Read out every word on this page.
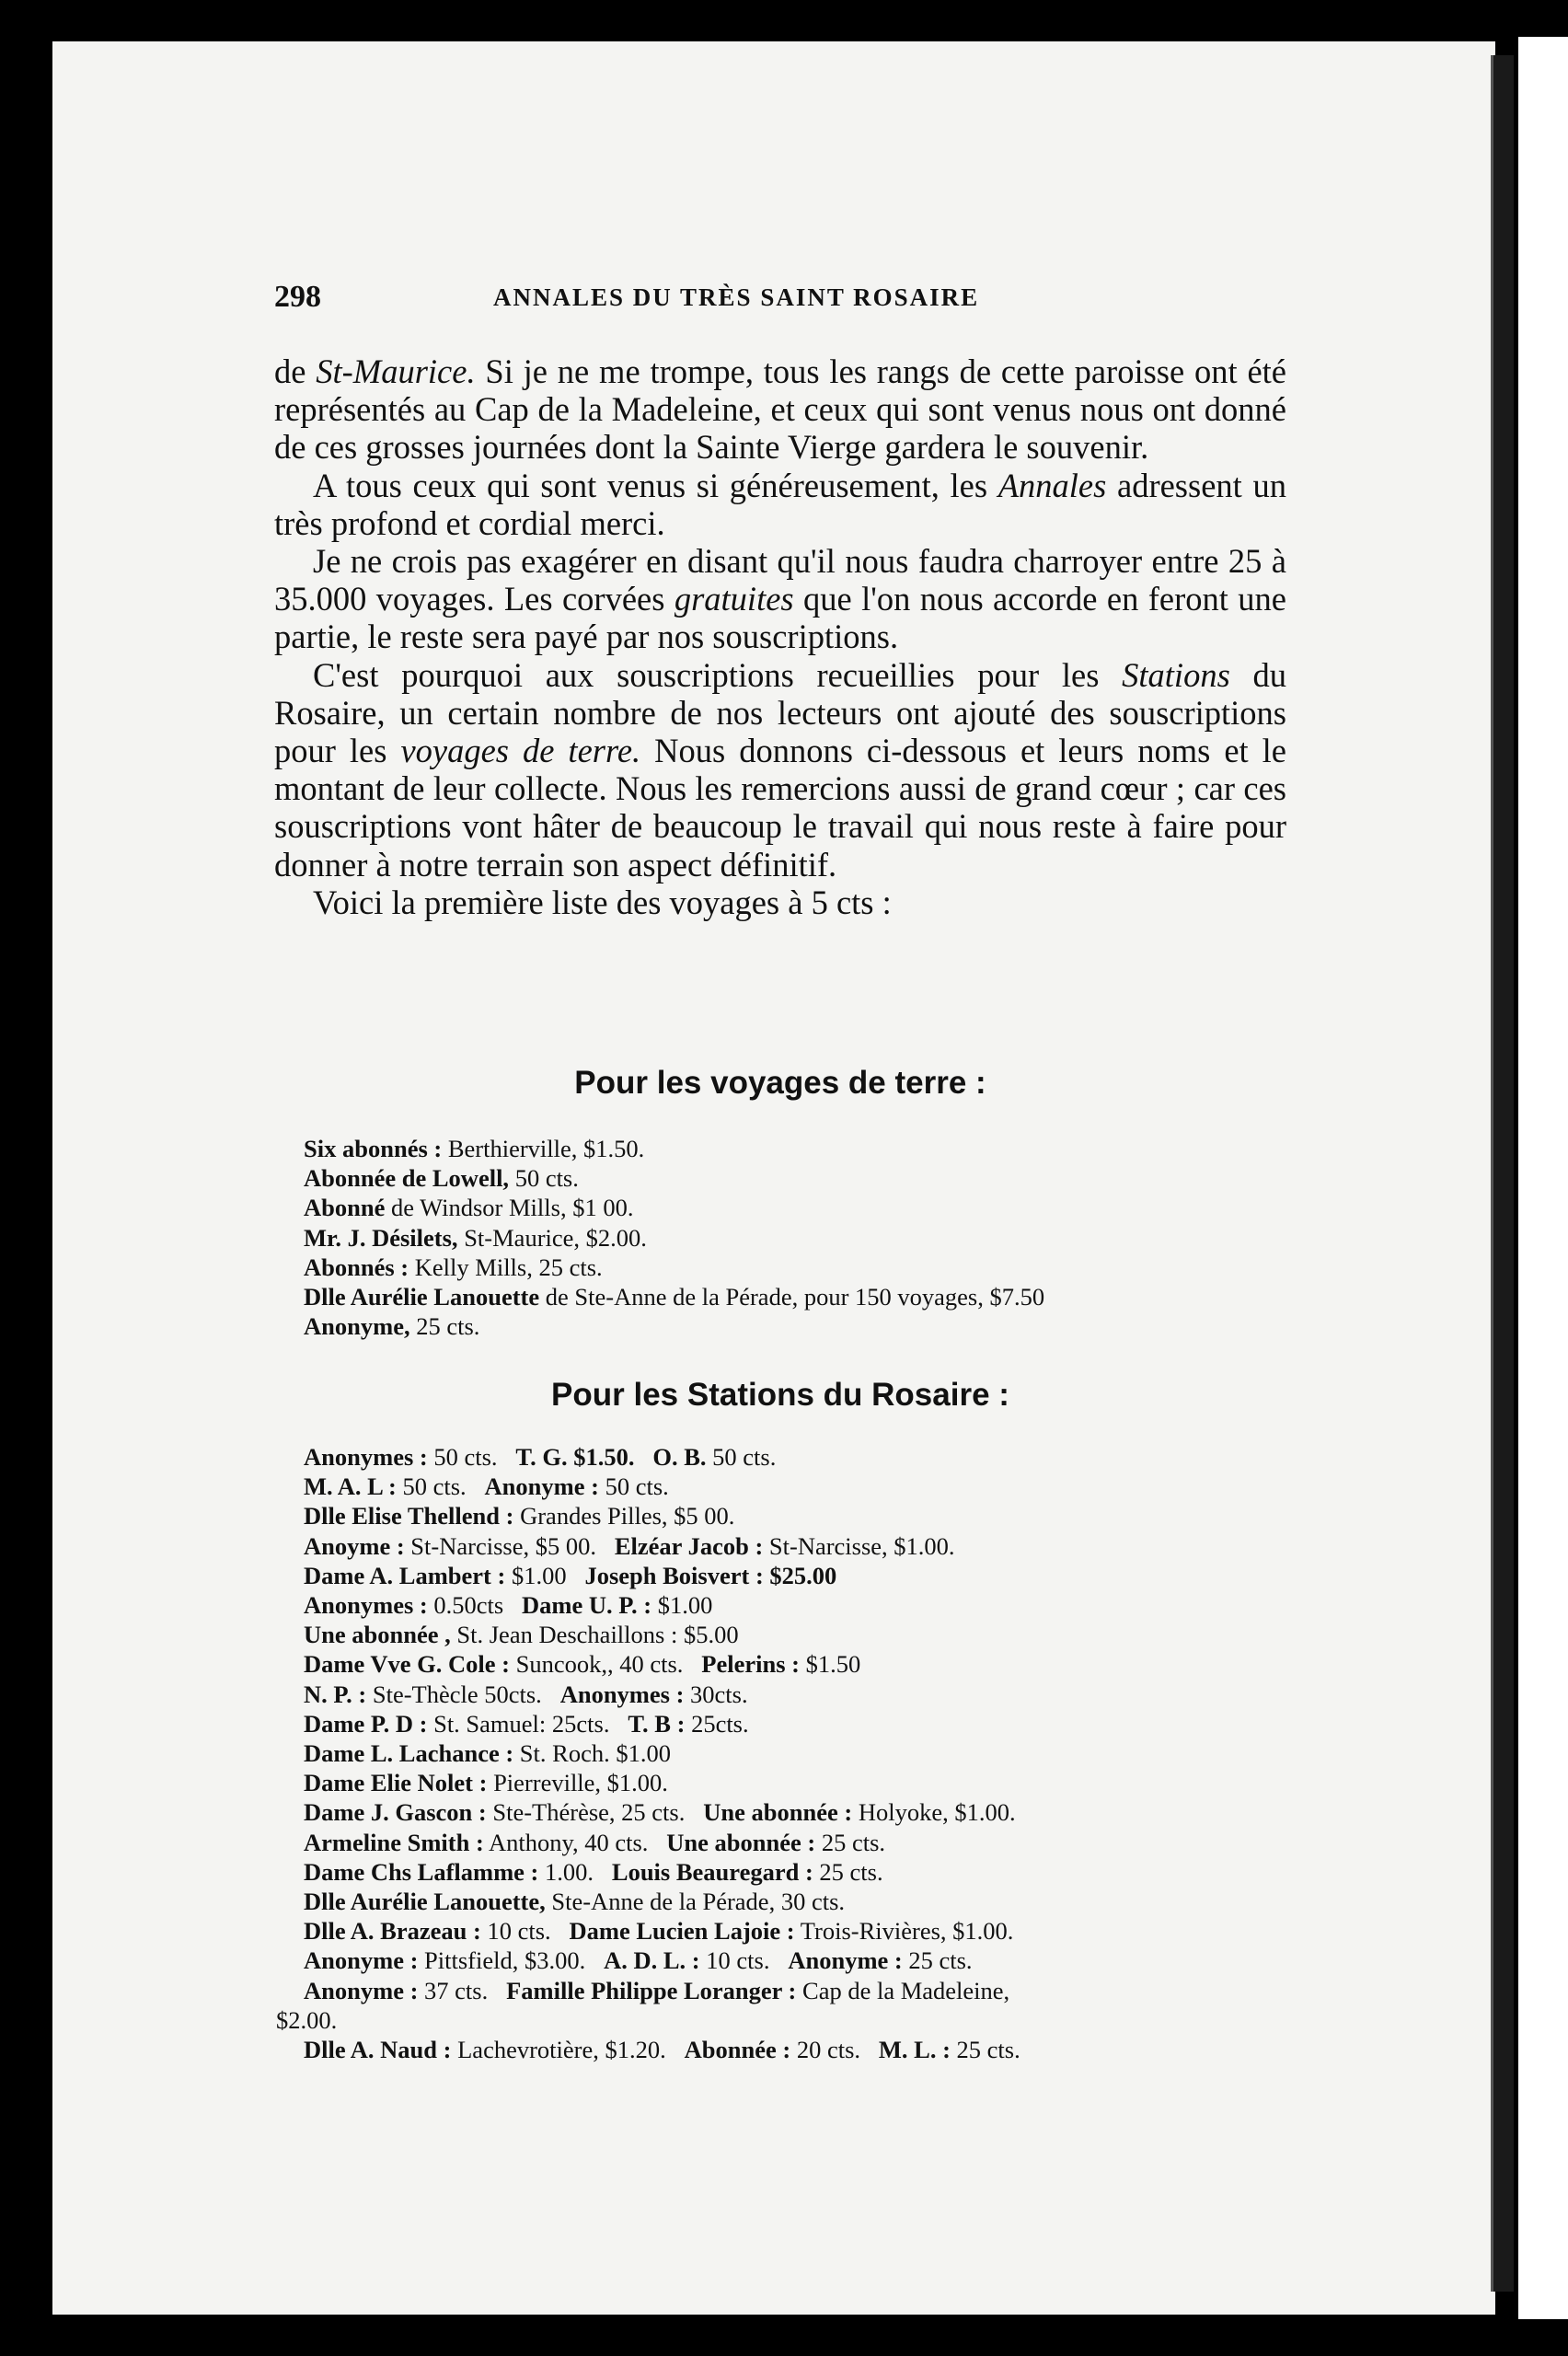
298	ANNALES DU TRÈS SAINT ROSAIRE

de St-Maurice. Si je ne me trompe, tous les rangs de cette paroisse ont été représentés au Cap de la Madeleine, et ceux qui sont venus nous ont donné de ces grosses journées dont la Sainte Vierge gardera le souvenir.

A tous ceux qui sont venus si généreusement, les Annales adressent un très profond et cordial merci.

Je ne crois pas exagérer en disant qu'il nous faudra charroyer entre 25 à 35.000 voyages. Les corvées gratuites que l'on nous accorde en feront une partie, le reste sera payé par nos souscriptions.

C'est pourquoi aux souscriptions recueillies pour les Stations du Rosaire, un certain nombre de nos lecteurs ont ajouté des souscriptions pour les voyages de terre. Nous donnons ci-dessous et leurs noms et le montant de leur collecte. Nous les remercions aussi de grand cœur ; car ces souscriptions vont hâter de beaucoup le travail qui nous reste à faire pour donner à notre terrain son aspect définitif.

Voici la première liste des voyages à 5 cts :

Pour les voyages de terre :
Six abonnés : Berthierville, $1.50.
Abonnée de Lowell, 50 cts.
Abonné de Windsor Mills, $1 00.
Mr. J. Désilets, St-Maurice, $2.00.
Abonnés : Kelly Mills, 25 cts.
Dlle Aurélie Lanouette de Ste-Anne de la Pérade, pour 150 voyages, $7.50
Anonyme, 25 cts.
Pour les Stations du Rosaire :
Anonymes : 50 cts.   T. G. $1.50. O. B. 50 cts.
M. A. L : 50 cts.   Anonyme : 50 cts.
Dlle Elise Thellend : Grandes Pilles, $5 00.
Anoyme : St-Narcisse, $5 00.   Elzéar Jacob : St-Narcisse, $1.00.
Dame A. Lambert : $1.00   Joseph Boisvert : $25.00
Anonymes : 0.50cts   Dame U. P. : $1.00
Une abonnée , St. Jean Deschaillons : $5.00
Dame Vve G. Cole : Suncook,, 40 cts.   Pelerins : $1.50
N. P. : Ste-Thècle 50cts.   Anonymes : 30cts.
Dame P. D : St. Samuel: 25cts.   T. B : 25cts.
Dame L. Lachance : St. Roch. $1.00
Dame Elie Nolet : Pierreville, $1.00.
Dame J. Gascon : Ste-Thérèse, 25 cts.   Une abonnée : Holyoke, $1.00.
Armeline Smith : Anthony, 40 cts.   Une abonnée : 25 cts.
Dame Chs Laflamme : 1.00.   Louis Beauregard : 25 cts.
Dlle Aurélie Lanouette, Ste-Anne de la Pérade, 30 cts.
Dlle A. Brazeau : 10 cts.   Dame Lucien Lajoie : Trois-Rivières, $1.00.
Anonyme : Pittsfield, $3.00.   A. D. L. : 10 cts.   Anonyme : 25 cts.
Anonyme : 37 cts.   Famille Philippe Loranger : Cap de la Madeleine,
$2.00.
Dlle A. Naud : Lachevrotière, $1.20.   Abonnée : 20 cts.   M. L. : 25 cts.
